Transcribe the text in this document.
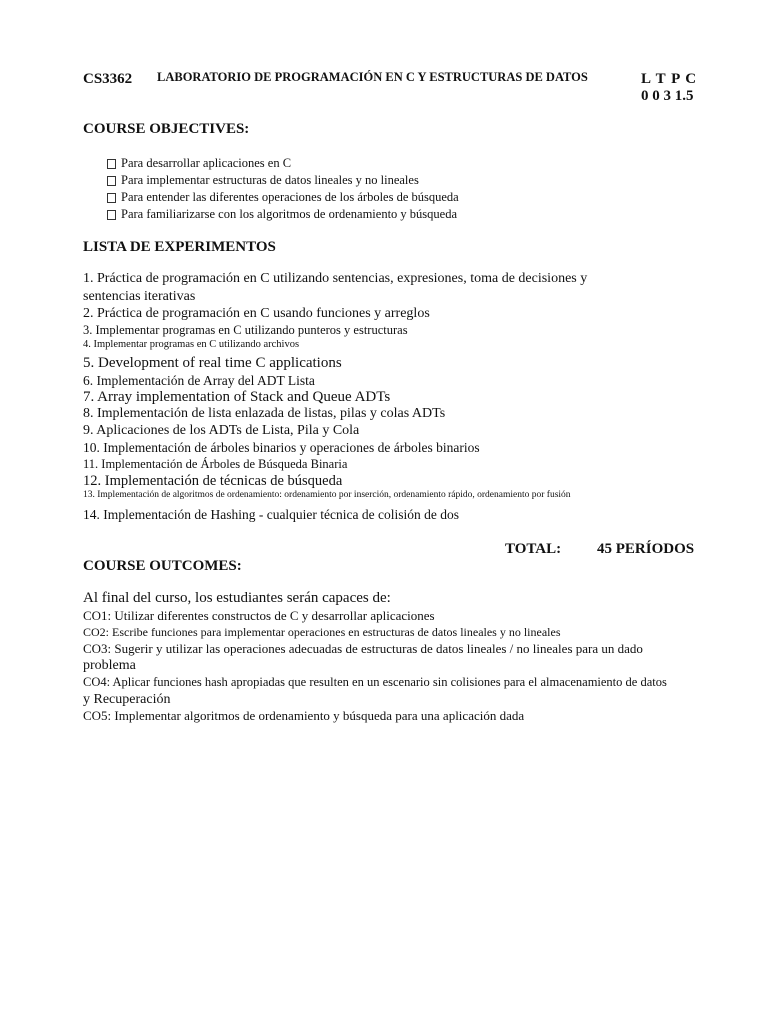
CS3362 LABORATORIO DE PROGRAMACIÓN EN C Y ESTRUCTURAS DE DATOS	L T P C
0 0 3 1.5
COURSE OBJECTIVES:
Para desarrollar aplicaciones en C
Para implementar estructuras de datos lineales y no lineales
Para entender las diferentes operaciones de los árboles de búsqueda
Para familiarizarse con los algoritmos de ordenamiento y búsqueda
LISTA DE EXPERIMENTOS
1. Práctica de programación en C utilizando sentencias, expresiones, toma de decisiones y
sentencias iterativas
2. Práctica de programación en C usando funciones y arreglos
3. Implementar programas en C utilizando punteros y estructuras
4. Implementar programas en C utilizando archivos
5. Development of real time C applications
6. Implementación de Array del ADT Lista
7. Array implementation of Stack and Queue ADTs
8. Implementación de lista enlazada de listas, pilas y colas ADTs
9. Aplicaciones de los ADTs de Lista, Pila y Cola
10. Implementación de árboles binarios y operaciones de árboles binarios
11. Implementación de Árboles de Búsqueda Binaria
12. Implementación de técnicas de búsqueda
13. Implementación de algoritmos de ordenamiento: ordenamiento por inserción, ordenamiento rápido, ordenamiento por fusión
14. Implementación de Hashing - cualquier técnica de colisión de dos
TOTAL: 45 PERÍODOS
COURSE OUTCOMES:
Al final del curso, los estudiantes serán capaces de:
CO1: Utilizar diferentes constructos de C y desarrollar aplicaciones
CO2: Escribe funciones para implementar operaciones en estructuras de datos lineales y no lineales
CO3: Sugerir y utilizar las operaciones adecuadas de estructuras de datos lineales / no lineales para un dado
problema
CO4: Aplicar funciones hash apropiadas que resulten en un escenario sin colisiones para el almacenamiento de datos
y Recuperación
CO5: Implementar algoritmos de ordenamiento y búsqueda para una aplicación dada
